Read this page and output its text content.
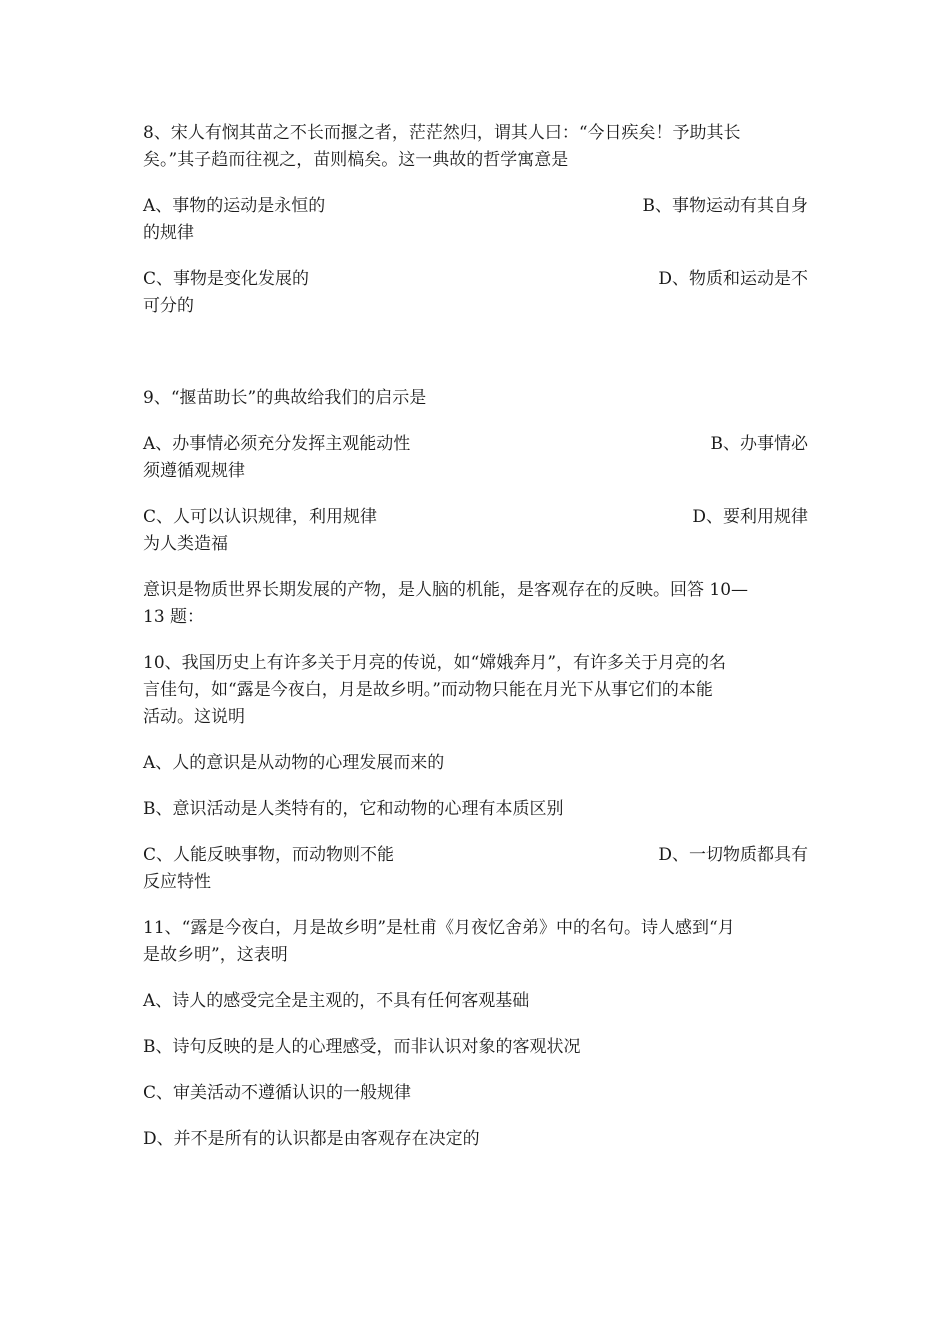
8、宋人有悯其苗之不长而揠之者，茫茫然归，谓其人曰：“今日疾矣！予助其长
矣。”其子趋而往视之，苗则槁矣。这一典故的哲学寓意是
A、事物的运动是永恒的	B、事物运动有其自身
的规律
C、事物是变化发展的	D、物质和运动是不
可分的
9、“揠苗助长”的典故给我们的启示是
A、办事情必须充分发挥主观能动性	B、办事情必
须遵循观规律
C、人可以认识规律，利用规律	D、要利用规律
为人类造福
意识是物质世界长期发展的产物，是人脑的机能，是客观存在的反映。回答 10—
13 题：
10、我国历史上有许多关于月亮的传说，如“嫦娥奔月”，有许多关于月亮的名
言佳句，如“露是今夜白，月是故乡明。”而动物只能在月光下从事它们的本能
活动。这说明
A、人的意识是从动物的心理发展而来的
B、意识活动是人类特有的，它和动物的心理有本质区别
C、人能反映事物，而动物则不能	D、一切物质都具有
反应特性
11、“露是今夜白，月是故乡明”是杜甫《月夜忆舍弟》中的名句。诗人感到“月
是故乡明”，这表明
A、诗人的感受完全是主观的，不具有任何客观基础
B、诗句反映的是人的心理感受，而非认识对象的客观状况
C、审美活动不遵循认识的一般规律
D、并不是所有的认识都是由客观存在决定的
